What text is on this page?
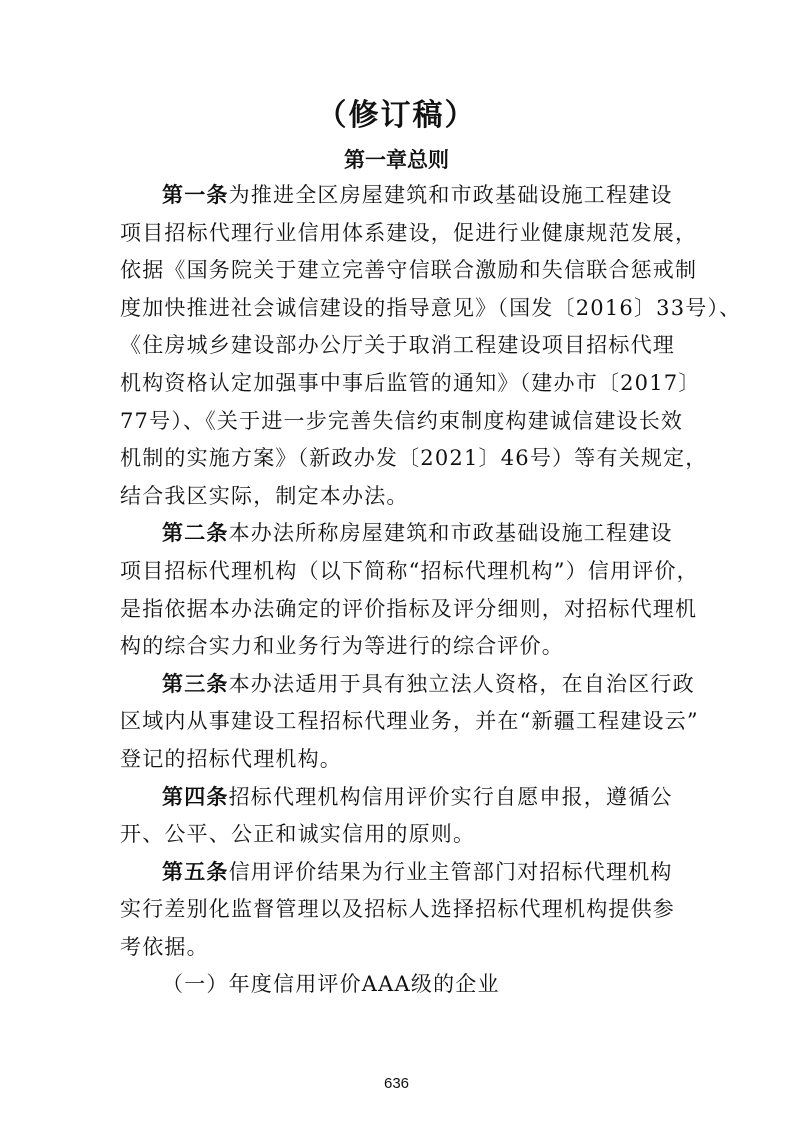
（修订稿）
第一章总则
第一条为推进全区房屋建筑和市政基础设施工程建设
项目招标代理行业信用体系建设，促进行业健康规范发展，
依据《国务院关于建立完善守信联合激励和失信联合惩戒制
度加快推进社会诚信建设的指导意见》（国发〔2016〕33号）、
《住房城乡建设部办公厅关于取消工程建设项目招标代理
机构资格认定加强事中事后监管的通知》（建办市〔2017〕
77号）、《关于进一步完善失信约束制度构建诚信建设长效
机制的实施方案》（新政办发〔2021〕46号）等有关规定，
结合我区实际，制定本办法。
第二条本办法所称房屋建筑和市政基础设施工程建设
项目招标代理机构（以下简称“招标代理机构”）信用评价，
是指依据本办法确定的评价指标及评分细则，对招标代理机
构的综合实力和业务行为等进行的综合评价。
第三条本办法适用于具有独立法人资格，在自治区行政
区域内从事建设工程招标代理业务，并在“新疆工程建设云”
登记的招标代理机构。
第四条招标代理机构信用评价实行自愿申报，遵循公
开、公平、公正和诚实信用的原则。
第五条信用评价结果为行业主管部门对招标代理机构
实行差别化监督管理以及招标人选择招标代理机构提供参
考依据。
（一）年度信用评价AAA级的企业
636
